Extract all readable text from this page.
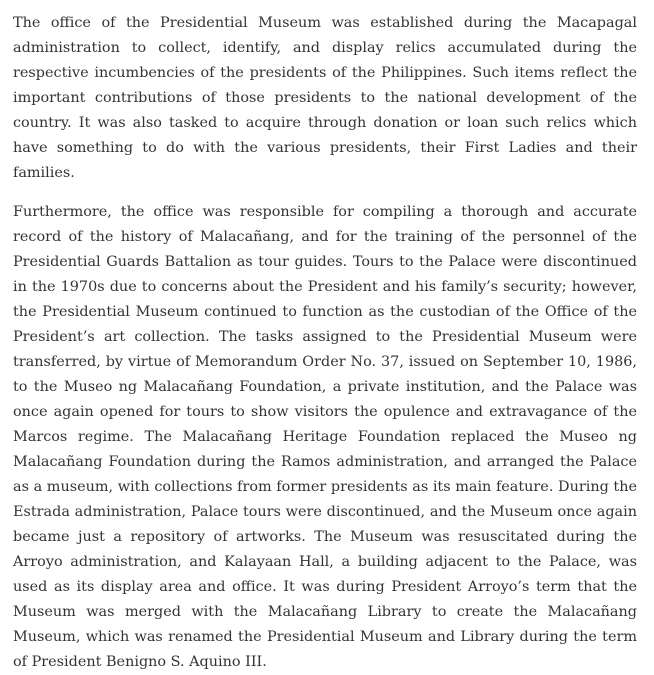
The office of the Presidential Museum was established during the Macapagal administration to collect, identify, and display relics accumulated during the respective incumbencies of the presidents of the Philippines. Such items reflect the important contributions of those presidents to the national development of the country. It was also tasked to acquire through donation or loan such relics which have something to do with the various presidents, their First Ladies and their families.

Furthermore, the office was responsible for compiling a thorough and accurate record of the history of Malacañang, and for the training of the personnel of the Presidential Guards Battalion as tour guides. Tours to the Palace were discontinued in the 1970s due to concerns about the President and his family’s security; however, the Presidential Museum continued to function as the custodian of the Office of the President’s art collection. The tasks assigned to the Presidential Museum were transferred, by virtue of Memorandum Order No. 37, issued on September 10, 1986, to the Museo ng Malacañang Foundation, a private institution, and the Palace was once again opened for tours to show visitors the opulence and extravagance of the Marcos regime. The Malacañang Heritage Foundation replaced the Museo ng Malacañang Foundation during the Ramos administration, and arranged the Palace as a museum, with collections from former presidents as its main feature. During the Estrada administration, Palace tours were discontinued, and the Museum once again became just a repository of artworks. The Museum was resuscitated during the Arroyo administration, and Kalayaan Hall, a building adjacent to the Palace, was used as its display area and office. It was during President Arroyo’s term that the Museum was merged with the Malacañang Library to create the Malacañang Museum, which was renamed the Presidential Museum and Library during the term of President Benigno S. Aquino III.
